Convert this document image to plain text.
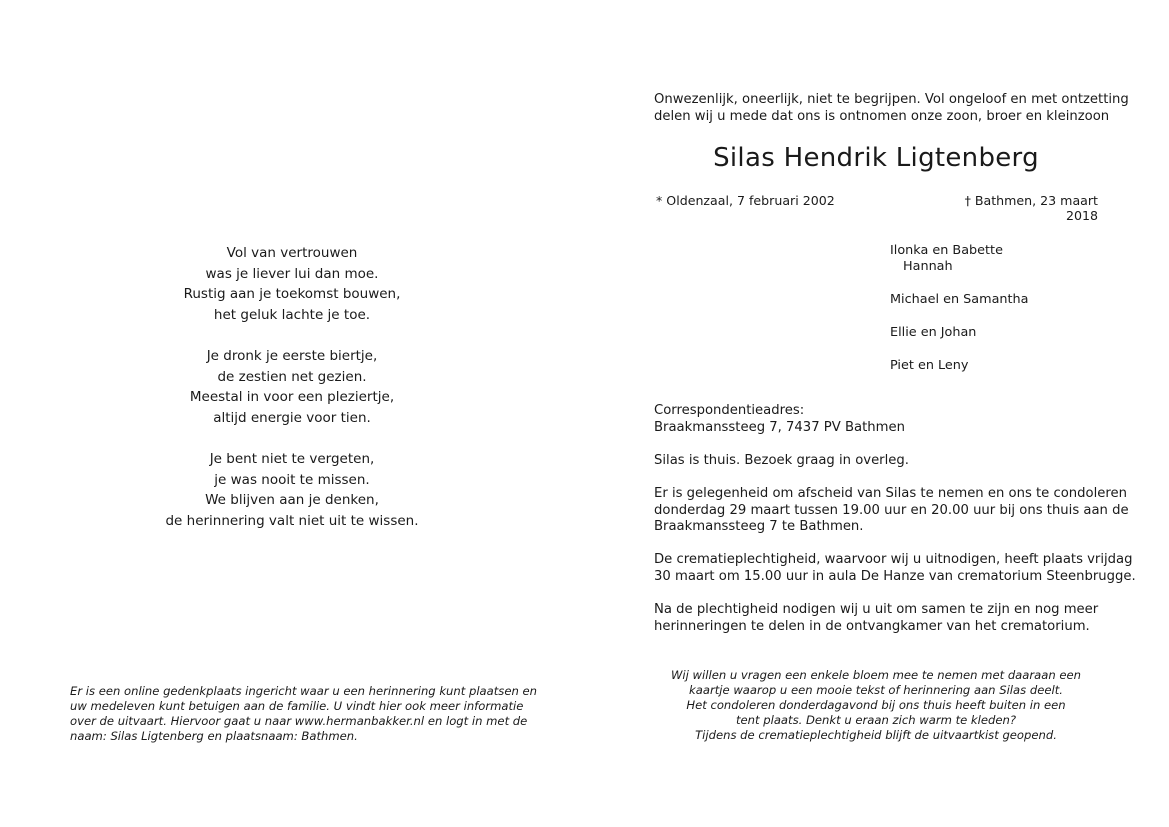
Vol van vertrouwen
was je liever lui dan moe.
Rustig aan je toekomst bouwen,
het geluk lachte je toe.
Je dronk je eerste biertje,
de zestien net gezien.
Meestal in voor een pleziertje,
altijd energie voor tien.
Je bent niet te vergeten,
je was nooit te missen.
We blijven aan je denken,
de herinnering valt niet uit te wissen.
Er is een online gedenkplaats ingericht waar u een herinnering kunt plaatsen en
uw medeleven kunt betuigen aan de familie. U vindt hier ook meer informatie
over de uitvaart. Hiervoor gaat u naar www.hermanbakker.nl en logt in met de
naam: Silas Ligtenberg en plaatsnaam: Bathmen.
Onwezenlijk, oneerlijk, niet te begrijpen. Vol ongeloof en met ontzetting
delen wij u mede dat ons is ontnomen onze zoon, broer en kleinzoon
Silas Hendrik Ligtenberg
* Oldenzaal, 7 februari 2002	† Bathmen, 23 maart 2018
Ilonka en Babette
Hannah
Michael en Samantha
Ellie en Johan
Piet en Leny
Correspondentieadres:
Braakmanssteeg 7, 7437 PV Bathmen
Silas is thuis. Bezoek graag in overleg.
Er is gelegenheid om afscheid van Silas te nemen en ons te condoleren
donderdag 29 maart tussen 19.00 uur en 20.00 uur bij ons thuis aan de
Braakmanssteeg 7 te Bathmen.
De crematieplechtigheid, waarvoor wij u uitnodigen, heeft plaats vrijdag
30 maart om 15.00 uur in aula De Hanze van crematorium Steenbrugge.
Na de plechtigheid nodigen wij u uit om samen te zijn en nog meer
herinneringen te delen in de ontvangkamer van het crematorium.
Wij willen u vragen een enkele bloem mee te nemen met daaraan een
kaartje waarop u een mooie tekst of herinnering aan Silas deelt.
Het condoleren donderdagavond bij ons thuis heeft buiten in een
tent plaats. Denkt u eraan zich warm te kleden?
Tijdens de crematieplechtigheid blijft de uitvaartkist geopend.
